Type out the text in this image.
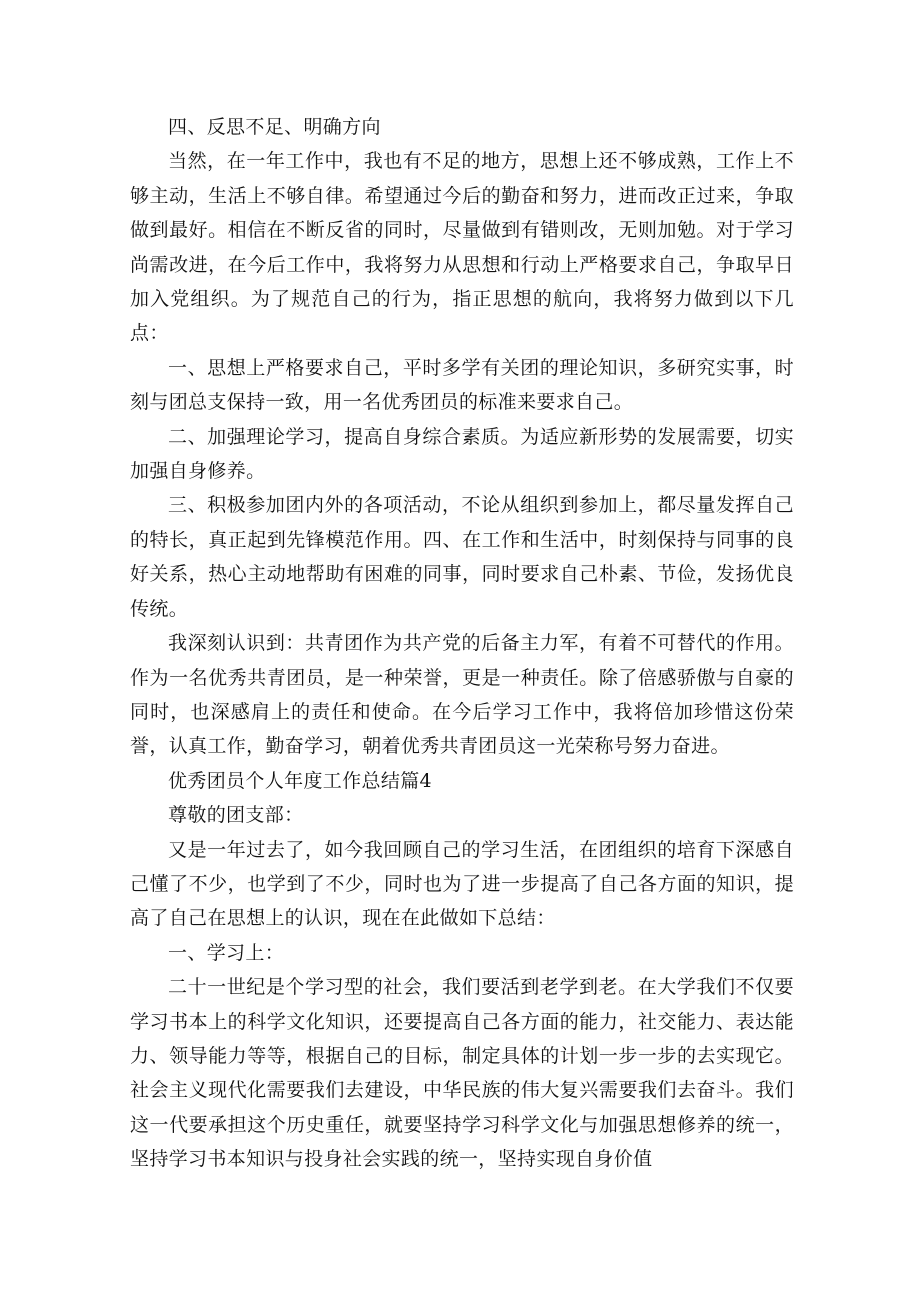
四、反思不足、明确方向

当然，在一年工作中，我也有不足的地方，思想上还不够成熟，工作上不够主动，生活上不够自律。希望通过今后的勤奋和努力，进而改正过来，争取做到最好。相信在不断反省的同时，尽量做到有错则改，无则加勉。对于学习尚需改进，在今后工作中，我将努力从思想和行动上严格要求自己，争取早日加入党组织。为了规范自己的行为，指正思想的航向，我将努力做到以下几点：

一、思想上严格要求自己，平时多学有关团的理论知识，多研究实事，时刻与团总支保持一致，用一名优秀团员的标准来要求自己。

二、加强理论学习，提高自身综合素质。为适应新形势的发展需要，切实加强自身修养。

三、积极参加团内外的各项活动，不论从组织到参加上，都尽量发挥自己的特长，真正起到先锋模范作用。四、在工作和生活中，时刻保持与同事的良好关系，热心主动地帮助有困难的同事，同时要求自己朴素、节俭，发扬优良传统。

我深刻认识到：共青团作为共产党的后备主力军，有着不可替代的作用。作为一名优秀共青团员，是一种荣誉，更是一种责任。除了倍感骄傲与自豪的同时，也深感肩上的责任和使命。在今后学习工作中，我将倍加珍惜这份荣誉，认真工作，勤奋学习，朝着优秀共青团员这一光荣称号努力奋进。

优秀团员个人年度工作总结篇4

尊敬的团支部：

又是一年过去了，如今我回顾自己的学习生活，在团组织的培育下深感自己懂了不少，也学到了不少，同时也为了进一步提高了自己各方面的知识，提高了自己在思想上的认识，现在在此做如下总结：

一、学习上：

二十一世纪是个学习型的社会，我们要活到老学到老。在大学我们不仅要学习书本上的科学文化知识，还要提高自己各方面的能力，社交能力、表达能力、领导能力等等，根据自己的目标，制定具体的计划一步一步的去实现它。社会主义现代化需要我们去建设，中华民族的伟大复兴需要我们去奋斗。我们这一代要承担这个历史重任，就要坚持学习科学文化与加强思想修养的统一，坚持学习书本知识与投身社会实践的统一，坚持实现自身价值
